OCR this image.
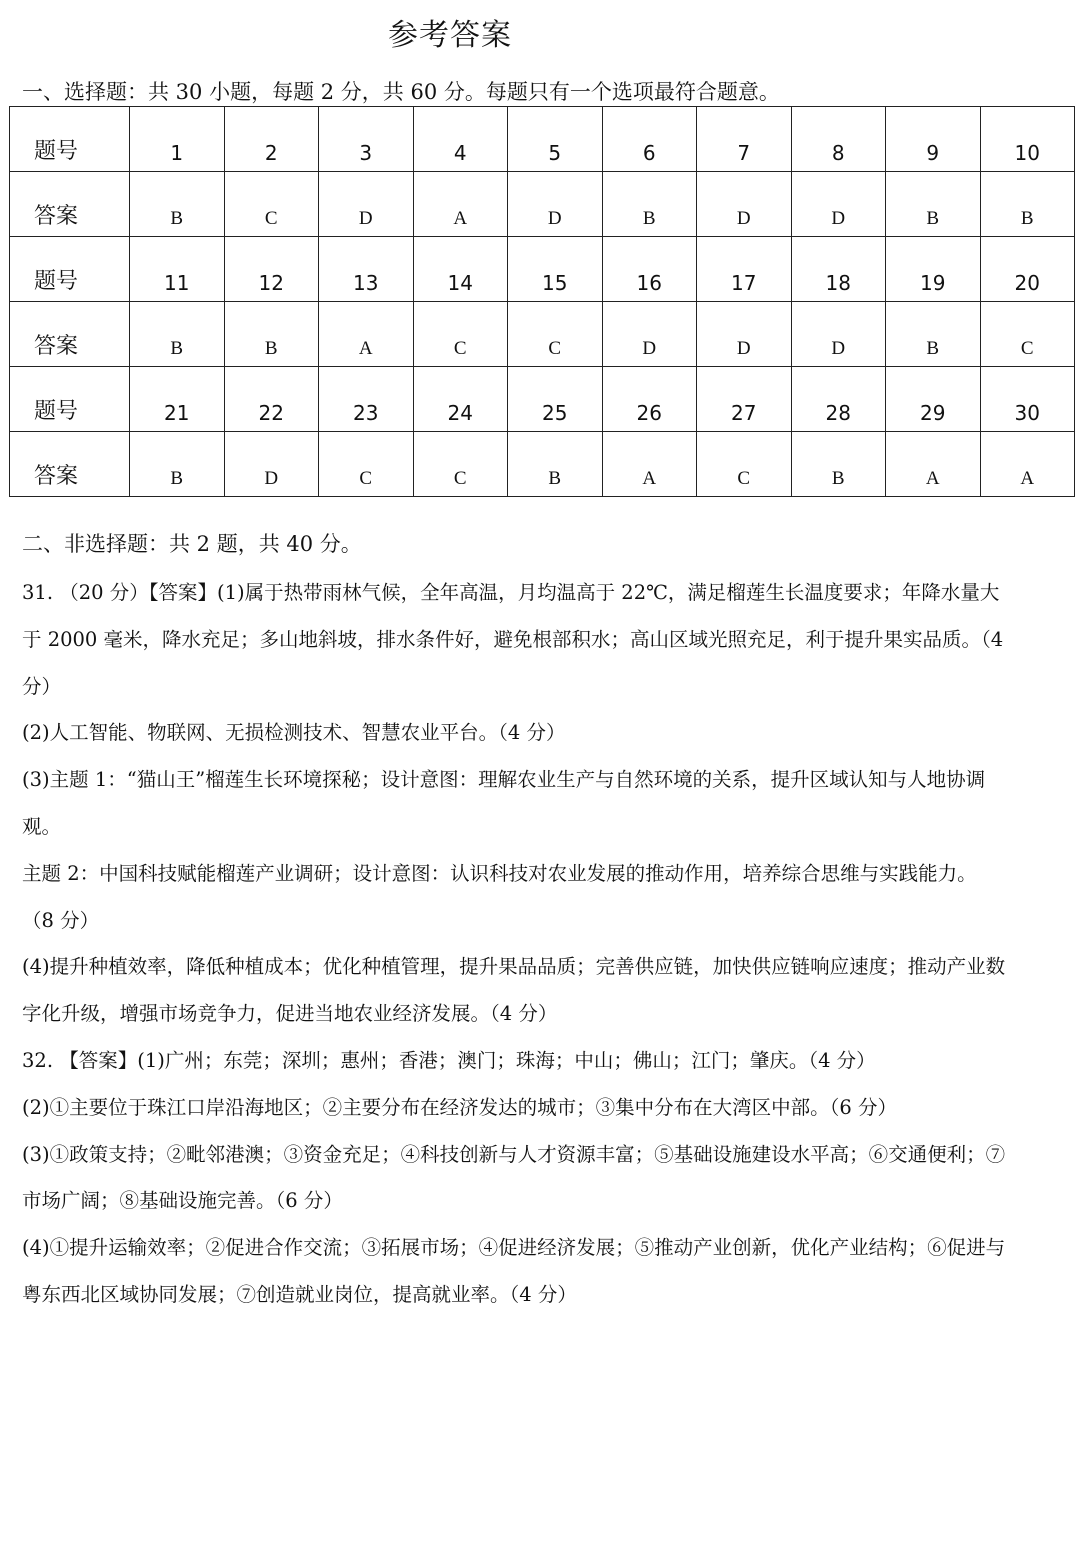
参考答案
一、选择题：共 30 小题，每题 2 分，共 60 分。每题只有一个选项最符合题意。
题号	1	2	3	4	5	6	7	8	9	10
答案	B	C	D	A	D	B	D	D	B	B
题号	11	12	13	14	15	16	17	18	19	20
答案	B	B	A	C	C	D	D	D	B	C
题号	21	22	23	24	25	26	27	28	29	30
答案	B	D	C	C	B	A	C	B	A	A
二、非选择题：共 2 题，共 40 分。

31. （20 分）【答案】(1)属于热带雨林气候，全年高温，月均温高于 22℃，满足榴莲生长温度要求；年降水量大于 2000 毫米，降水充足；多山地斜坡，排水条件好，避免根部积水；高山区域光照充足，利于提升果实品质。（4 分）

(2)人工智能、物联网、无损检测技术、智慧农业平台。（4 分）

(3)主题 1：“猫山王”榴莲生长环境探秘；设计意图：理解农业生产与自然环境的关系，提升区域认知与人地协调观。

主题 2：中国科技赋能榴莲产业调研；设计意图：认识科技对农业发展的推动作用，培养综合思维与实践能力。 （8 分）

(4)提升种植效率，降低种植成本；优化种植管理，提升果品品质；完善供应链，加快供应链响应速度；推动产业数字化升级，增强市场竞争力，促进当地农业经济发展。（4 分）

32. 【答案】(1)广州；东莞；深圳；惠州；香港；澳门；珠海；中山；佛山；江门；肇庆。（4 分）

(2)①主要位于珠江口岸沿海地区；②主要分布在经济发达的城市；③集中分布在大湾区中部。（6 分）

(3)①政策支持；②毗邻港澳；③资金充足；④科技创新与人才资源丰富；⑤基础设施建设水平高；⑥交通便利；⑦市场广阔；⑧基础设施完善。（6 分）

(4)①提升运输效率；②促进合作交流；③拓展市场；④促进经济发展；⑤推动产业创新，优化产业结构；⑥促进与粤东西北区域协同发展；⑦创造就业岗位，提高就业率。（4 分）
